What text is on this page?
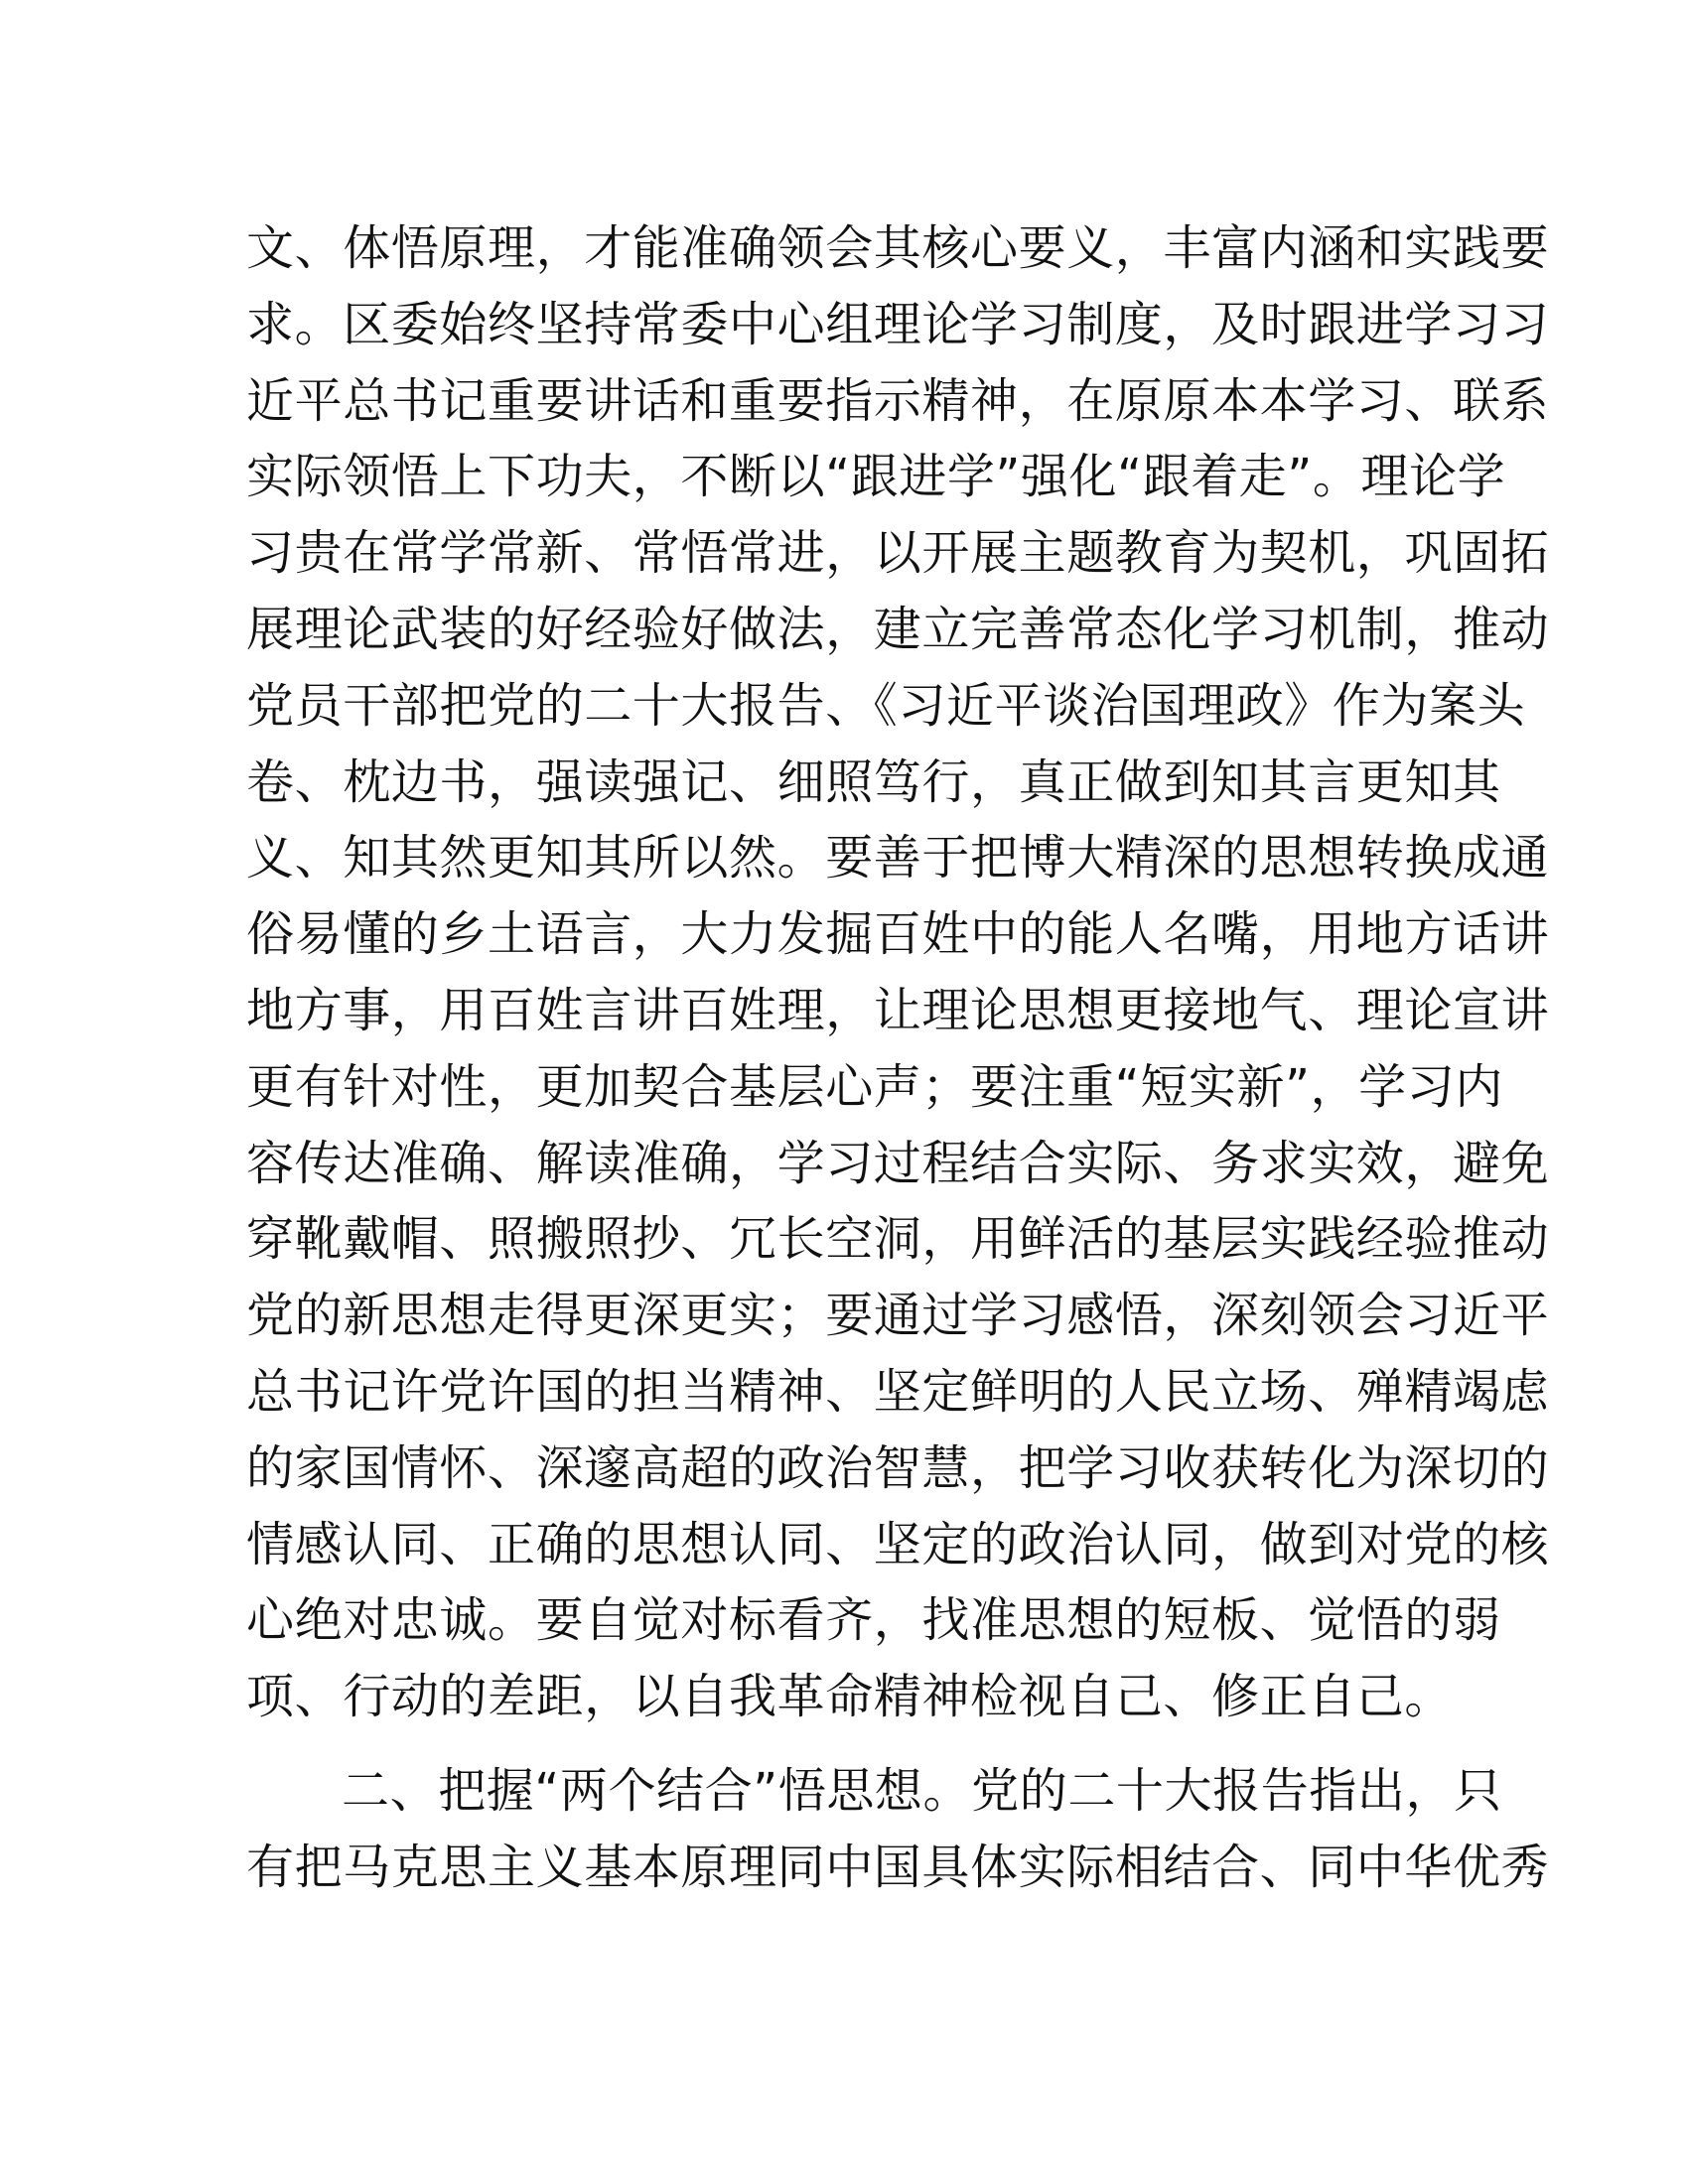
文、体悟原理，才能准确领会其核心要义，丰富内涵和实践要
求。区委始终坚持常委中心组理论学习制度，及时跟进学习习
近平总书记重要讲话和重要指示精神，在原原本本学习、联系
实际领悟上下功夫，不断以“跟进学”强化“跟着走”。理论学
习贵在常学常新、常悟常进，以开展主题教育为契机，巩固拓
展理论武装的好经验好做法，建立完善常态化学习机制，推动
党员干部把党的二十大报告、《习近平谈治国理政》作为案头
卷、枕边书，强读强记、细照笃行，真正做到知其言更知其
义、知其然更知其所以然。要善于把博大精深的思想转换成通
俗易懂的乡土语言，大力发掘百姓中的能人名嘴，用地方话讲
地方事，用百姓言讲百姓理，让理论思想更接地气、理论宣讲
更有针对性，更加契合基层心声；要注重“短实新”，学习内
容传达准确、解读准确，学习过程结合实际、务求实效，避免
穿靴戴帽、照搬照抄、冗长空洞，用鲜活的基层实践经验推动
党的新思想走得更深更实；要通过学习感悟，深刻领会习近平
总书记许党许国的担当精神、坚定鲜明的人民立场、殚精竭虑
的家国情怀、深邃高超的政治智慧，把学习收获转化为深切的
情感认同、正确的思想认同、坚定的政治认同，做到对党的核
心绝对忠诚。要自觉对标看齐，找准思想的短板、觉悟的弱
项、行动的差距，以自我革命精神检视自己、修正自己。
二、把握“两个结合”悟思想。党的二十大报告指出，只
有把马克思主义基本原理同中国具体实际相结合、同中华优秀
